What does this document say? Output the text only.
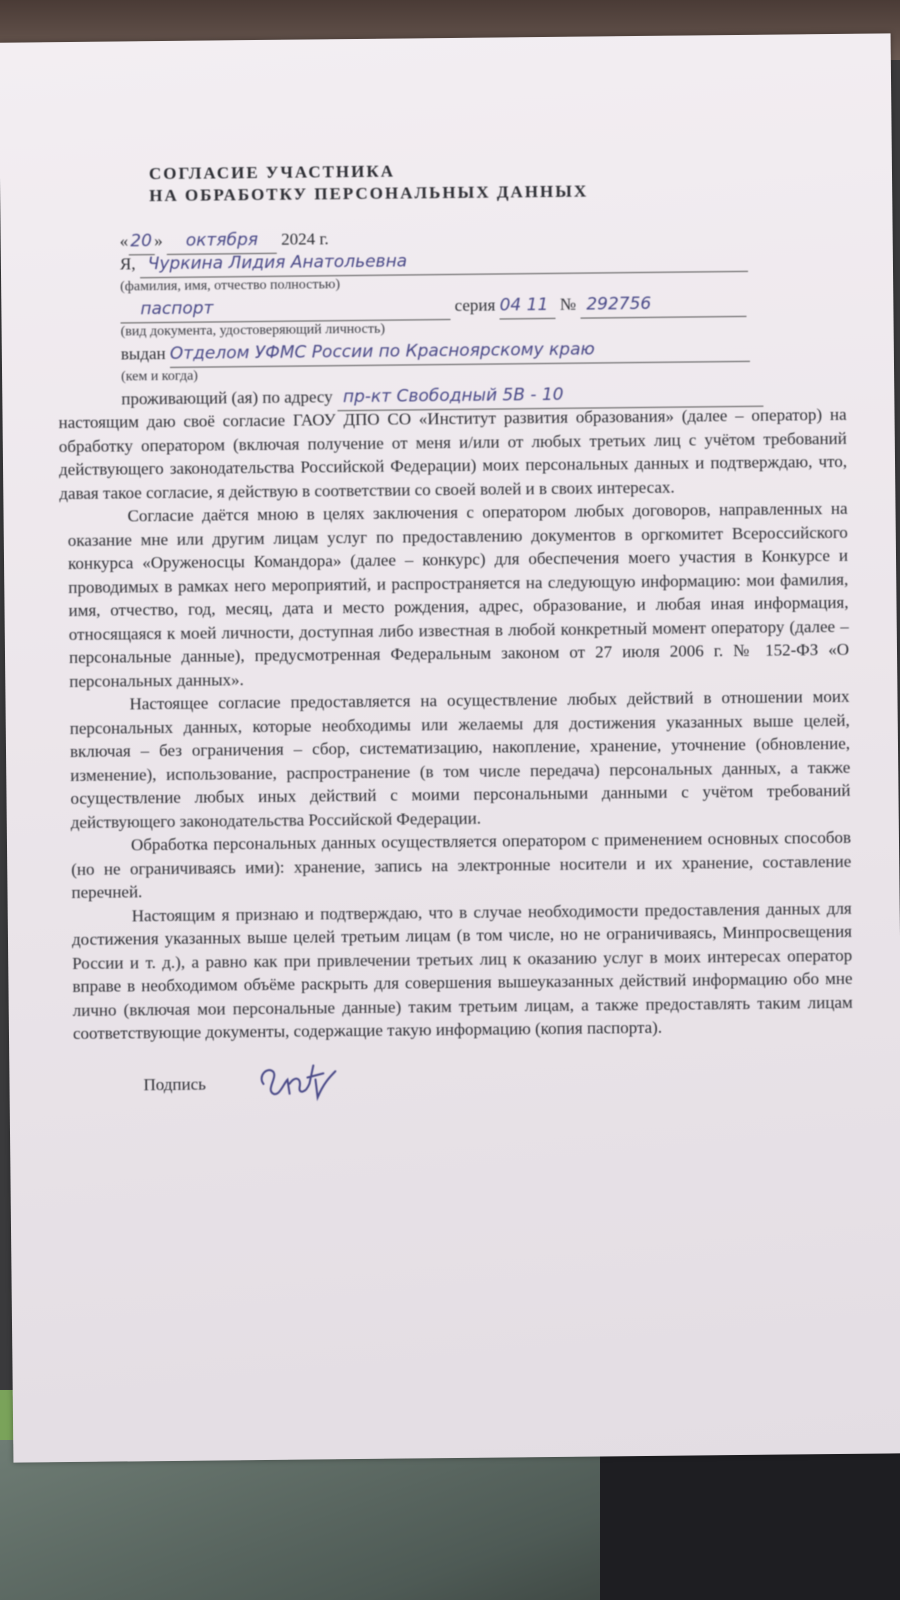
СОГЛАСИЕ УЧАСТНИКА
НА ОБРАБОТКУ ПЕРСОНАЛЬНЫХ ДАННЫХ
« 20 » октября 2024 г.
Я, Чуркина Лидия Анатольевна
(фамилия, имя, отчество полностью)
паспорт	серия 04 11 № 292756
(вид документа, удостоверяющий личность)
выдан Отделом УФМС России по Красноярскому краю
(кем и когда)
проживающий (ая) по адресу пр-кт Свободный 5В - 10

настоящим даю своё согласие ГАОУ ДПО СО «Институт развития образования» (далее – оператор) на обработку оператором (включая получение от меня и/или от любых третьих лиц с учётом требований действующего законодательства Российской Федерации) моих персональных данных и подтверждаю, что, давая такое согласие, я действую в соответствии со своей волей и в своих интересах.

Согласие даётся мною в целях заключения с оператором любых договоров, направленных на оказание мне или другим лицам услуг по предоставлению документов в оргкомитет Всероссийского конкурса «Оруженосцы Командора» (далее – конкурс) для обеспечения моего участия в Конкурсе и проводимых в рамках него мероприятий, и распространяется на следующую информацию: мои фамилия, имя, отчество, год, месяц, дата и место рождения, адрес, образование, и любая иная информация, относящаяся к моей личности, доступная либо известная в любой конкретный момент оператору (далее – персональные данные), предусмотренная Федеральным законом от 27 июля 2006 г. № 152-ФЗ «О персональных данных».

Настоящее согласие предоставляется на осуществление любых действий в отношении моих персональных данных, которые необходимы или желаемы для достижения указанных выше целей, включая – без ограничения – сбор, систематизацию, накопление, хранение, уточнение (обновление, изменение), использование, распространение (в том числе передача) персональных данных, а также осуществление любых иных действий с моими персональными данными с учётом требований действующего законодательства Российской Федерации.

Обработка персональных данных осуществляется оператором с применением основных способов (но не ограничиваясь ими): хранение, запись на электронные носители и их хранение, составление перечней.

Настоящим я признаю и подтверждаю, что в случае необходимости предоставления данных для достижения указанных выше целей третьим лицам (в том числе, но не ограничиваясь, Минпросвещения России и т. д.), а равно как при привлечении третьих лиц к оказанию услуг в моих интересах оператор вправе в необходимом объёме раскрыть для совершения вышеуказанных действий информацию обо мне лично (включая мои персональные данные) таким третьим лицам, а также предоставлять таким лицам соответствующие документы, содержащие такую информацию (копия паспорта).

Подпись
